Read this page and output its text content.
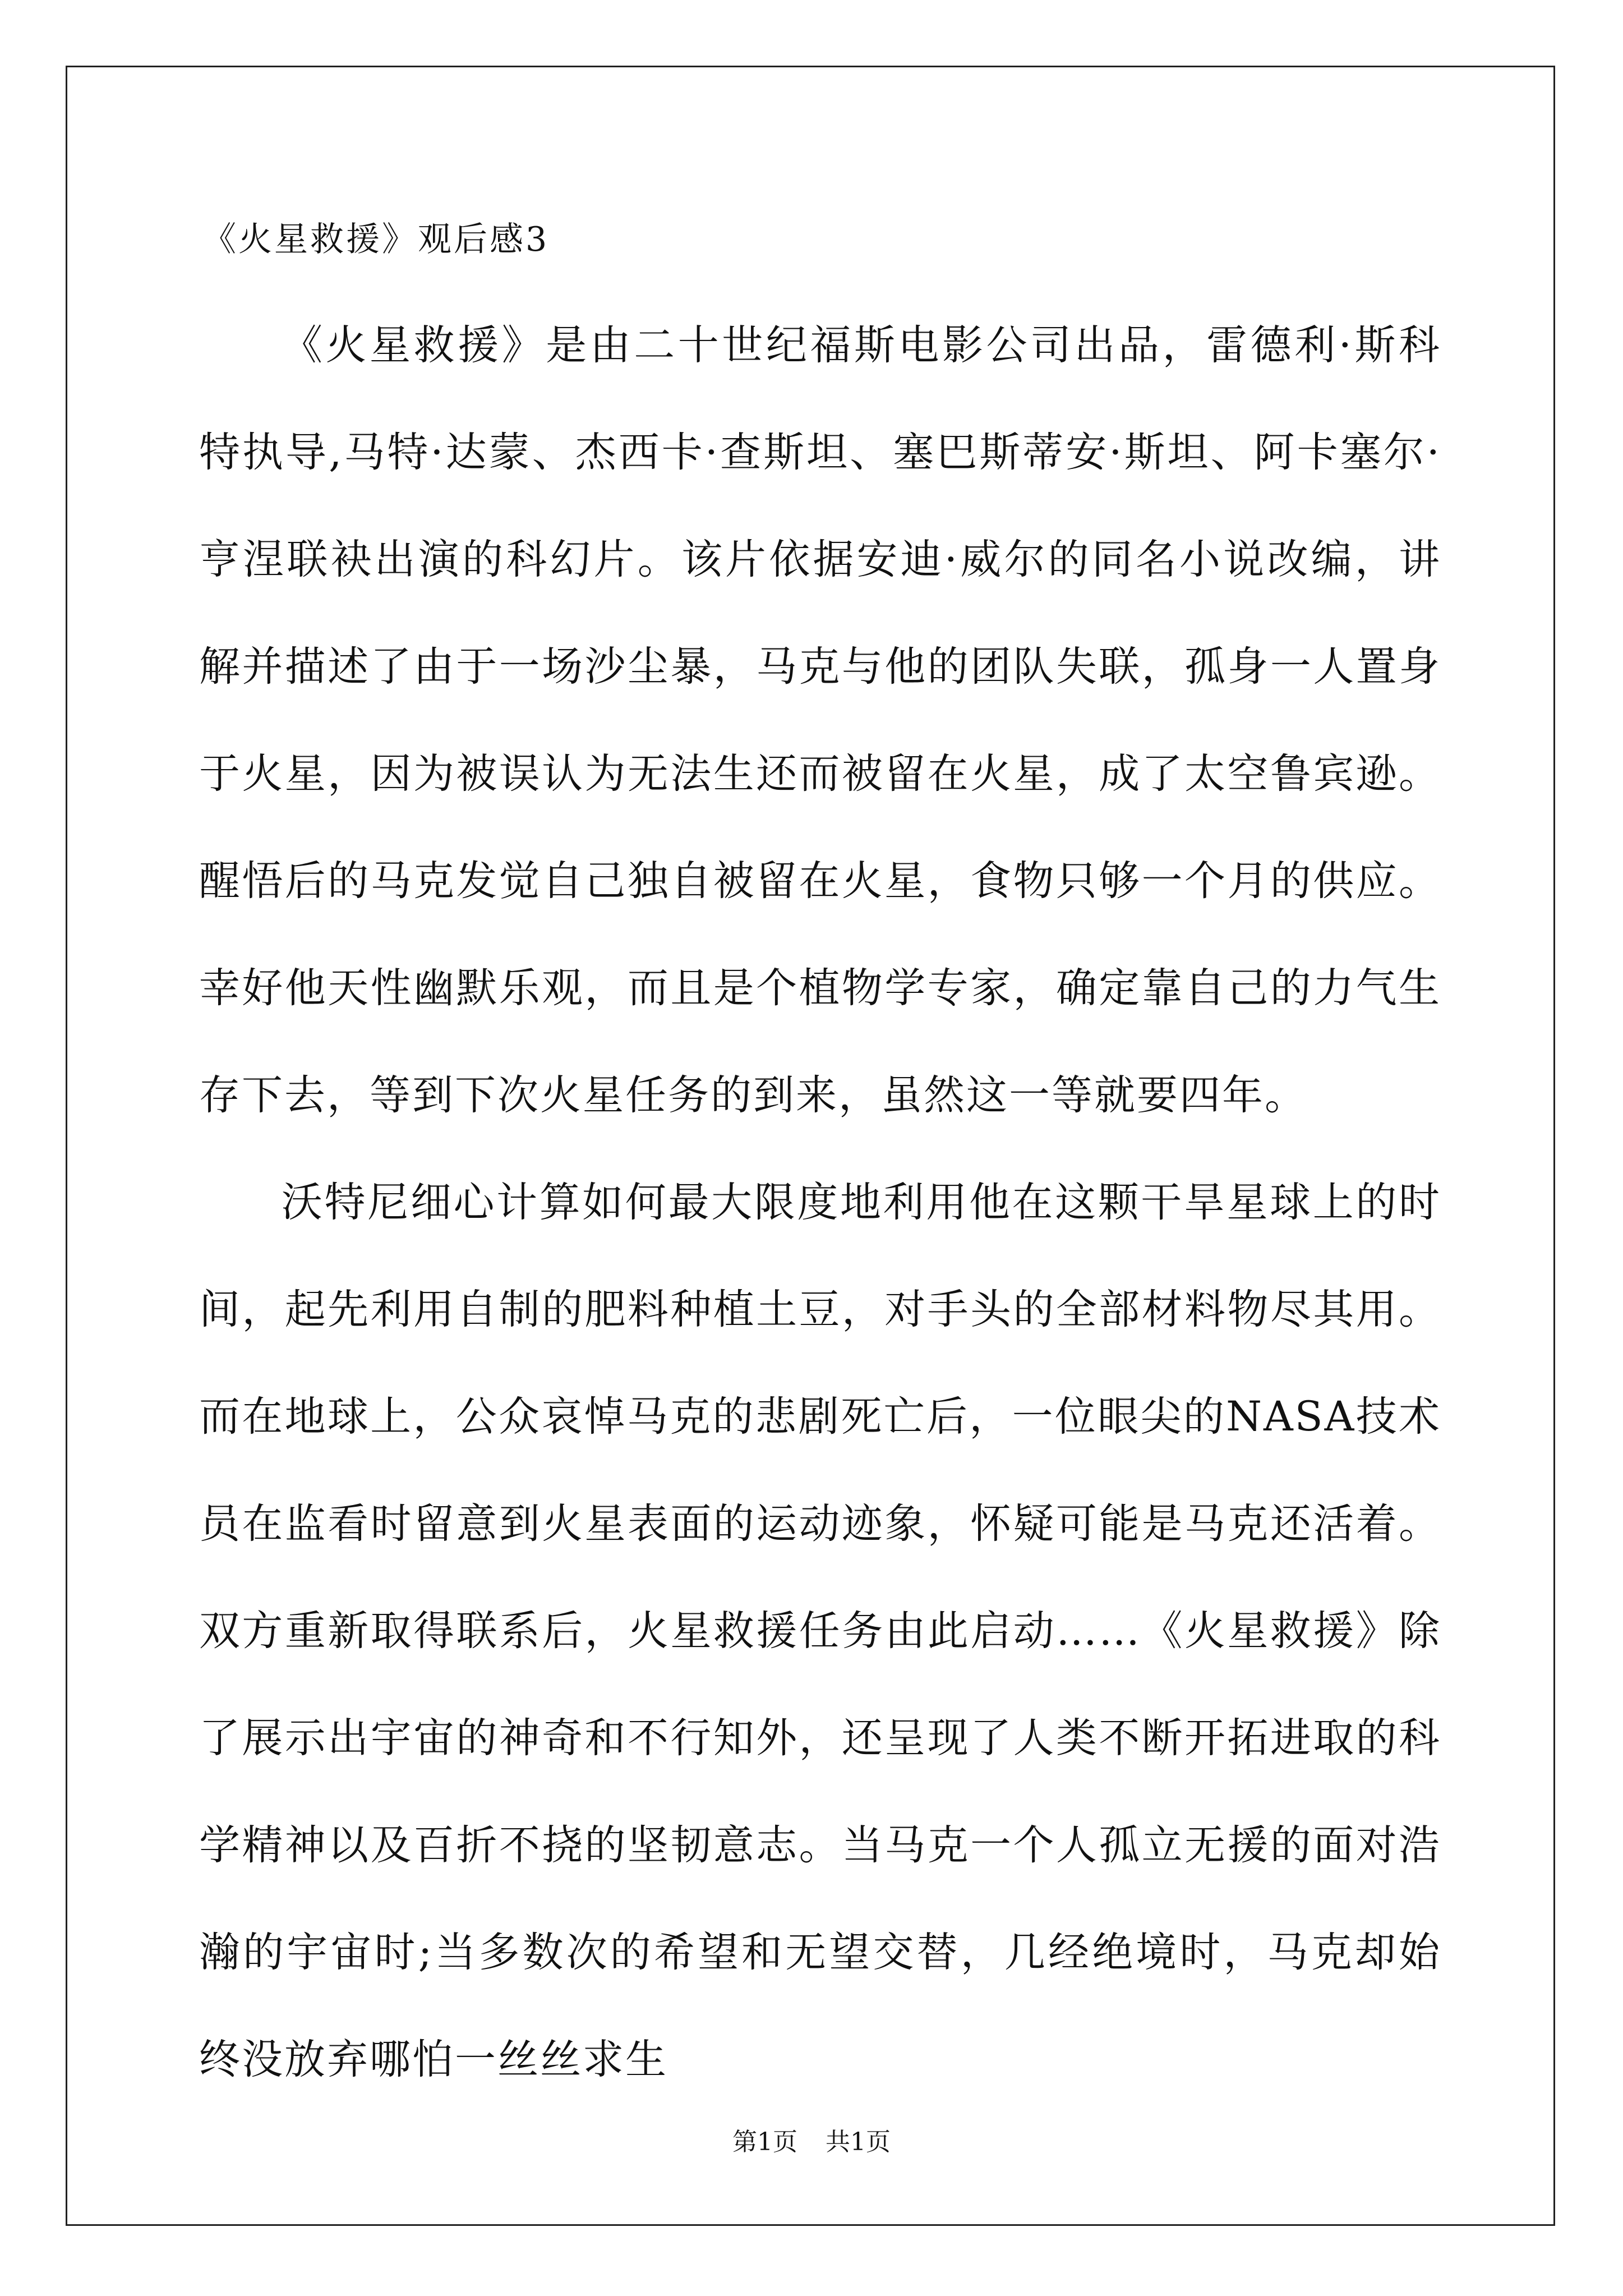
《火星救援》观后感3

《火星救援》是由二十世纪福斯电影公司出品，雷德利·斯科特执导,马特·达蒙、杰西卡·查斯坦、塞巴斯蒂安·斯坦、阿卡塞尔·亨涅联袂出演的科幻片。该片依据安迪·威尔的同名小说改编，讲解并描述了由于一场沙尘暴，马克与他的团队失联，孤身一人置身于火星，因为被误认为无法生还而被留在火星，成了太空鲁宾逊。醒悟后的马克发觉自己独自被留在火星，食物只够一个月的供应。幸好他天性幽默乐观，而且是个植物学专家，确定靠自己的力气生存下去，等到下次火星任务的到来，虽然这一等就要四年。

沃特尼细心计算如何最大限度地利用他在这颗干旱星球上的时间，起先利用自制的肥料种植土豆，对手头的全部材料物尽其用。而在地球上，公众哀悼马克的悲剧死亡后，一位眼尖的NASA技术员在监看时留意到火星表面的运动迹象，怀疑可能是马克还活着。双方重新取得联系后，火星救援任务由此启动……《火星救援》除了展示出宇宙的神奇和不行知外，还呈现了人类不断开拓进取的科学精神以及百折不挠的坚韧意志。当马克一个人孤立无援的面对浩瀚的宇宙时;当多数次的希望和无望交替，几经绝境时，马克却始终没放弃哪怕一丝丝求生

第1页 共1页
